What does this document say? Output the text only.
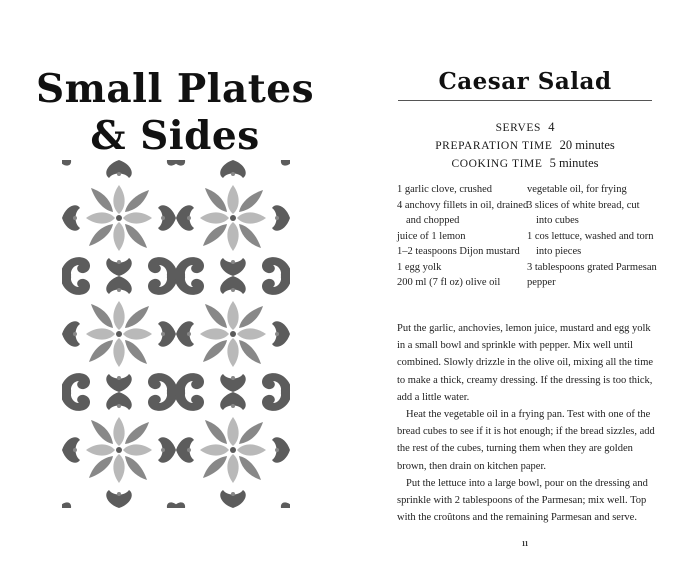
Small Plates & Sides
Caesar Salad
SERVES 4
PREPARATION TIME 20 minutes
COOKING TIME 5 minutes
1 garlic clove, crushed
4 anchovy fillets in oil, drained and chopped
juice of 1 lemon
1–2 teaspoons Dijon mustard
1 egg yolk
200 ml (7 fl oz) olive oil
vegetable oil, for frying
3 slices of white bread, cut into cubes
1 cos lettuce, washed and torn into pieces
3 tablespoons grated Parmesan
pepper

Put the garlic, anchovies, lemon juice, mustard and egg yolk in a small bowl and sprinkle with pepper. Mix well until combined. Slowly drizzle in the olive oil, mixing all the time to make a thick, creamy dressing. If the dressing is too thick, add a little water.

Heat the vegetable oil in a frying pan. Test with one of the bread cubes to see if it is hot enough; if the bread sizzles, add the rest of the cubes, turning them when they are golden brown, then drain on kitchen paper.

Put the lettuce into a large bowl, pour on the dressing and sprinkle with 2 tablespoons of the Parmesan; mix well. Top with the croûtons and the remaining Parmesan and serve.

11
